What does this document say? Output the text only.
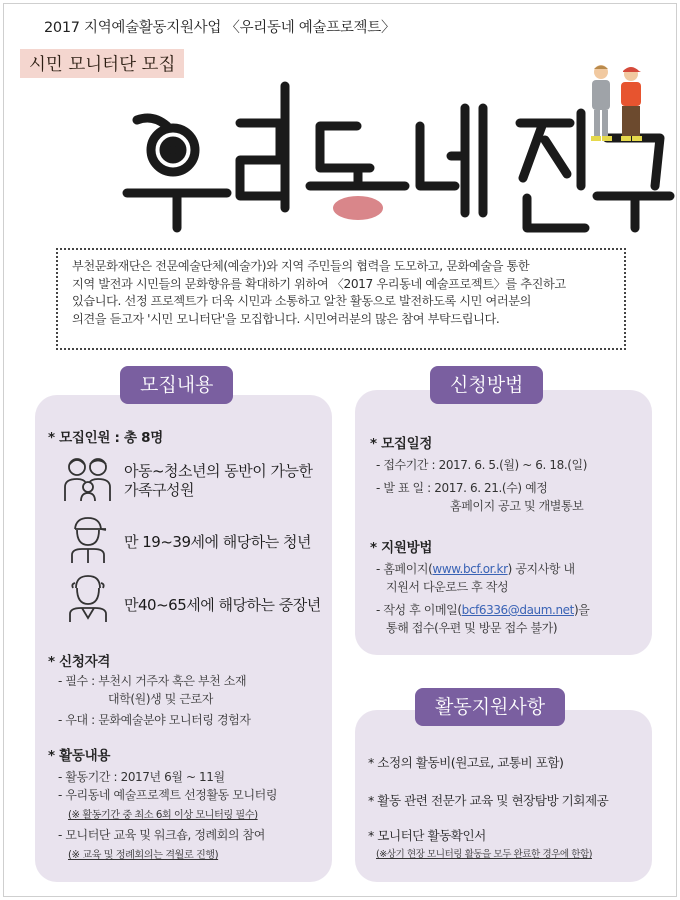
2017 지역예술활동지원사업 〈우리동네 예술프로젝트〉
시민 모니터단 모집
부천문화재단은 전문예술단체(예술가)와 지역 주민들의 협력을 도모하고, 문화예술을 통한
지역 발전과 시민들의 문화향유를 확대하기 위하여 〈2017 우리동네 예술프로젝트〉를 추진하고
있습니다. 선정 프로젝트가 더욱 시민과 소통하고 알찬 활동으로 발전하도록 시민 여러분의
의견을 듣고자 '시민 모니터단'을 모집합니다. 시민여러분의 많은 참여 부탁드립니다.
모집내용	신청방법
활동지원사항
* 모집인원 : 총 8명
아동~청소년의 동반이 가능한
가족구성원
만 19~39세에 해당하는 청년
만40~65세에 해당하는 중장년
* 신청자격
- 필수 : 부천시 거주자 혹은 부천 소재
대학(원)생 및 근로자
- 우대 : 문화예술분야 모니터링 경험자
* 활동내용
- 활동기간 : 2017년 6월 ~ 11월
- 우리동네 예술프로젝트 선정활동 모니터링
(※ 활동기간 중 최소 6회 이상 모니터링 필수)
- 모니터단 교육 및 워크숍, 정례회의 참여
(※ 교육 및 정례회의는 격월로 진행)
* 모집일정
- 접수기간 : 2017. 6. 5.(월) ~ 6. 18.(일)
- 발 표 일 : 2017. 6. 21.(수) 예정
홈페이지 공고 및 개별통보
* 지원방법
- 홈페이지(www.bcf.or.kr) 공지사항 내
지원서 다운로드 후 작성
- 작성 후 이메일(bcf6336@daum.net)을
통해 접수(우편 및 방문 접수 불가)
* 소정의 활동비(원고료, 교통비 포함)
* 활동 관련 전문가 교육 및 현장탐방 기회제공
* 모니터단 활동확인서
(※상기 현장 모니터링 활동을 모두 완료한 경우에 한함)
